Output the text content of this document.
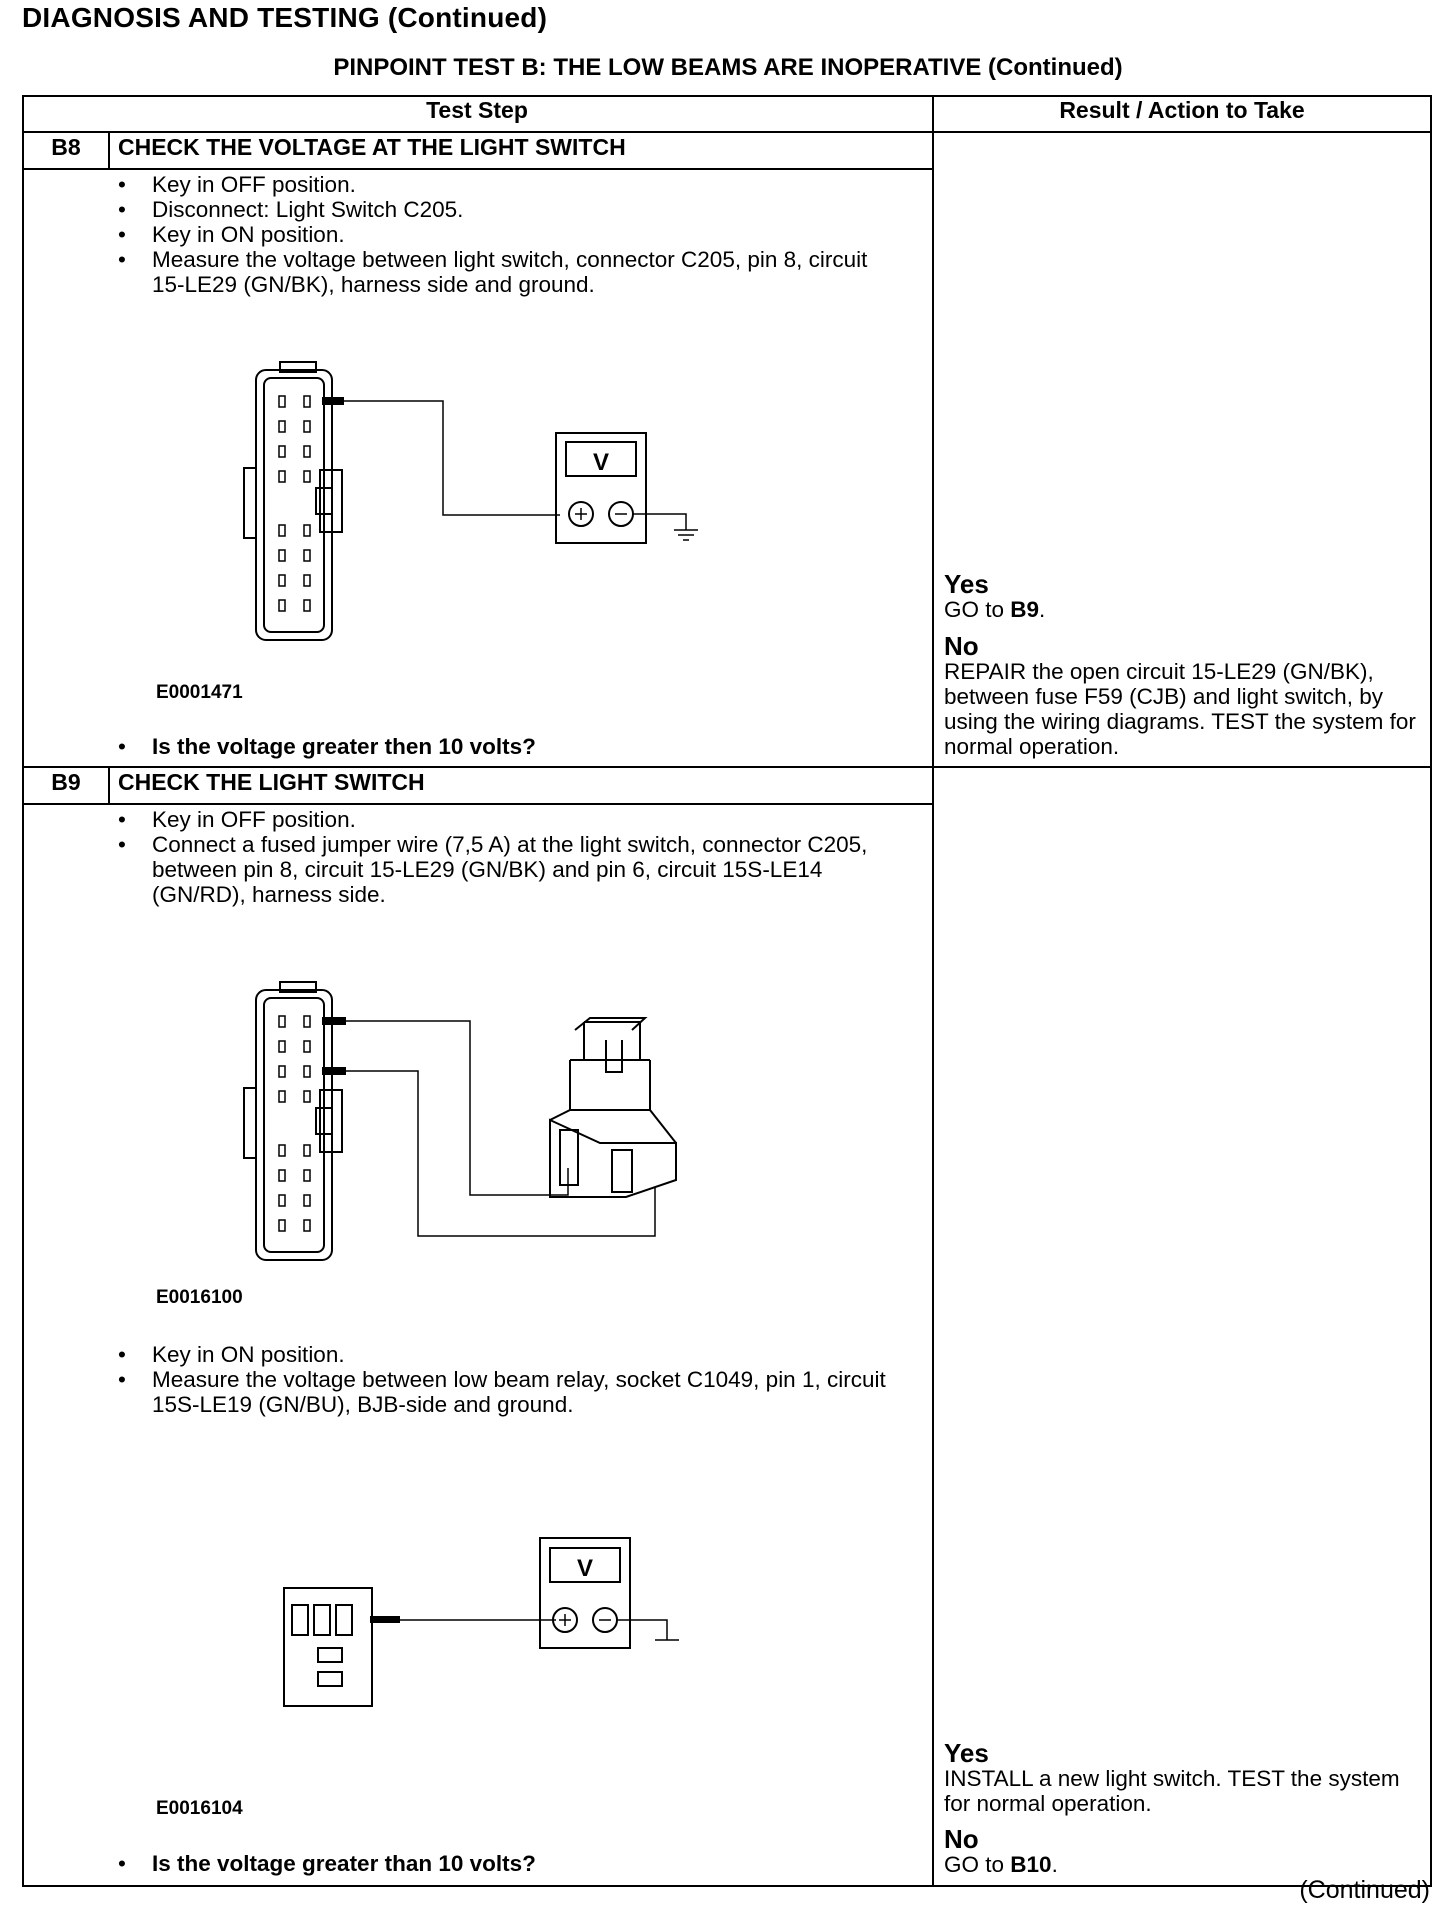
DIAGNOSIS AND TESTING (Continued)
PINPOINT TEST B: THE LOW BEAMS ARE INOPERATIVE (Continued)
Test Step	Result / Action to Take
B8	CHECK THE VOLTAGE AT THE LIGHT SWITCH
• Key in OFF position.
• Disconnect: Light Switch C205.
• Key in ON position.
• Measure the voltage between light switch, connector C205, pin 8, circuit 15-LE29 (GN/BK), harness side and ground.
V
E0001471
• Is the voltage greater then 10 volts?
Yes
GO to B9.
No
REPAIR the open circuit 15-LE29 (GN/BK), between fuse F59 (CJB) and light switch, by using the wiring diagrams. TEST the system for normal operation.
B9	CHECK THE LIGHT SWITCH
• Key in OFF position.
• Connect a fused jumper wire (7,5 A) at the light switch, connector C205, between pin 8, circuit 15-LE29 (GN/BK) and pin 6, circuit 15S-LE14 (GN/RD), harness side.
E0016100
• Key in ON position.
• Measure the voltage between low beam relay, socket C1049, pin 1, circuit 15S-LE19 (GN/BU), BJB-side and ground.
V
E0016104
• Is the voltage greater than 10 volts?
Yes
INSTALL a new light switch. TEST the system for normal operation.
No
GO to B10.
(Continued)
